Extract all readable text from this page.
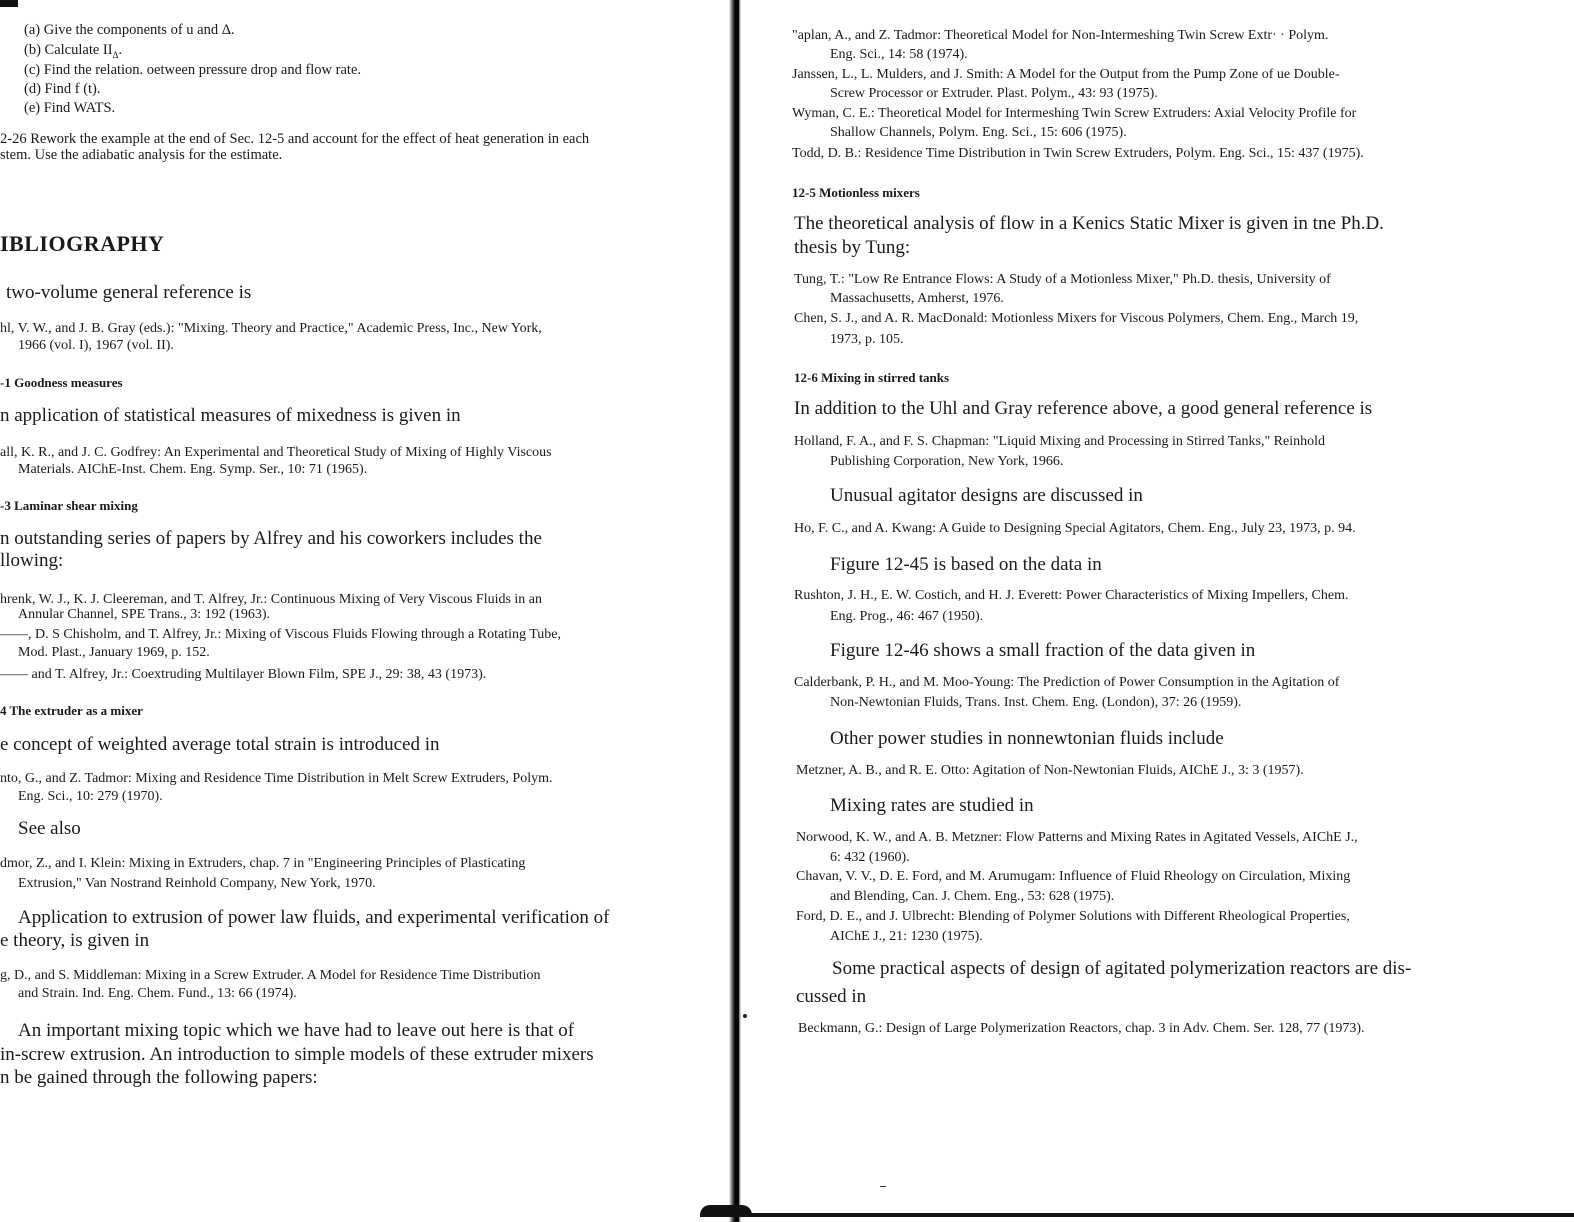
(a) Give the components of u and Δ.
(b) Calculate $II_\Delta$.
(c) Find the relation. oetween pressure drop and flow rate.
(d) Find f (t).
(e) Find WATS.
2-26 Rework the example at the end of Sec. 12-5 and account for the effect of heat generation in each
stem. Use the adiabatic analysis for the estimate.
IBLIOGRAPHY
two-volume general reference is
hl, V. W., and J. B. Gray (eds.): "Mixing. Theory and Practice," Academic Press, Inc., New York,
1966 (vol. I), 1967 (vol. II).
-1 Goodness measures
n application of statistical measures of mixedness is given in
all, K. R., and J. C. Godfrey: An Experimental and Theoretical Study of Mixing of Highly Viscous
Materials. AIChE-Inst. Chem. Eng. Symp. Ser., 10: 71 (1965).
-3 Laminar shear mixing
n outstanding series of papers by Alfrey and his coworkers includes the
llowing:
hrenk, W. J., K. J. Cleereman, and T. Alfrey, Jr.: Continuous Mixing of Very Viscous Fluids in an
Annular Channel, SPE Trans., 3: 192 (1963).
——, D. S Chisholm, and T. Alfrey, Jr.: Mixing of Viscous Fluids Flowing through a Rotating Tube,
Mod. Plast., January 1969, p. 152.
—— and T. Alfrey, Jr.: Coextruding Multilayer Blown Film, SPE J., 29: 38, 43 (1973).
4 The extruder as a mixer
e concept of weighted average total strain is introduced in
nto, G., and Z. Tadmor: Mixing and Residence Time Distribution in Melt Screw Extruders, Polym.
Eng. Sci., 10: 279 (1970).
See also
dmor, Z., and I. Klein: Mixing in Extruders, chap. 7 in "Engineering Principles of Plasticating
Extrusion," Van Nostrand Reinhold Company, New York, 1970.
Application to extrusion of power law fluids, and experimental verification of
e theory, is given in
g, D., and S. Middleman: Mixing in a Screw Extruder. A Model for Residence Time Distribution
and Strain. Ind. Eng. Chem. Fund., 13: 66 (1974).
An important mixing topic which we have had to leave out here is that of
in-screw extrusion. An introduction to simple models of these extruder mixers
n be gained through the following papers:
"aplan, A., and Z. Tadmor: Theoretical Model for Non-Intermeshing Twin Screw Extr· · Polym.
Eng. Sci., 14: 58 (1974).
Janssen, L., L. Mulders, and J. Smith: A Model for the Output from the Pump Zone of ue Double-
Screw Processor or Extruder. Plast. Polym., 43: 93 (1975).
Wyman, C. E.: Theoretical Model for Intermeshing Twin Screw Extruders: Axial Velocity Profile for
Shallow Channels, Polym. Eng. Sci., 15: 606 (1975).
Todd, D. B.: Residence Time Distribution in Twin Screw Extruders, Polym. Eng. Sci., 15: 437 (1975).
12-5 Motionless mixers
The theoretical analysis of flow in a Kenics Static Mixer is given in tne Ph.D.
thesis by Tung:
Tung, T.: "Low Re Entrance Flows: A Study of a Motionless Mixer," Ph.D. thesis, University of
Massachusetts, Amherst, 1976.
Chen, S. J., and A. R. MacDonald: Motionless Mixers for Viscous Polymers, Chem. Eng., March 19,
1973, p. 105.
12-6 Mixing in stirred tanks
In addition to the Uhl and Gray reference above, a good general reference is
Holland, F. A., and F. S. Chapman: "Liquid Mixing and Processing in Stirred Tanks," Reinhold
Publishing Corporation, New York, 1966.
Unusual agitator designs are discussed in
Ho, F. C., and A. Kwang: A Guide to Designing Special Agitators, Chem. Eng., July 23, 1973, p. 94.
Figure 12-45 is based on the data in
Rushton, J. H., E. W. Costich, and H. J. Everett: Power Characteristics of Mixing Impellers, Chem.
Eng. Prog., 46: 467 (1950).
Figure 12-46 shows a small fraction of the data given in
Calderbank, P. H., and M. Moo-Young: The Prediction of Power Consumption in the Agitation of
Non-Newtonian Fluids, Trans. Inst. Chem. Eng. (London), 37: 26 (1959).
Other power studies in nonnewtonian fluids include
Metzner, A. B., and R. E. Otto: Agitation of Non-Newtonian Fluids, AIChE J., 3: 3 (1957).
Mixing rates are studied in
Norwood, K. W., and A. B. Metzner: Flow Patterns and Mixing Rates in Agitated Vessels, AIChE J.,
6: 432 (1960).
Chavan, V. V., D. E. Ford, and M. Arumugam: Influence of Fluid Rheology on Circulation, Mixing
and Blending, Can. J. Chem. Eng., 53: 628 (1975).
Ford, D. E., and J. Ulbrecht: Blending of Polymer Solutions with Different Rheological Properties,
AIChE J., 21: 1230 (1975).
Some practical aspects of design of agitated polymerization reactors are dis-
cussed in
Beckmann, G.: Design of Large Polymerization Reactors, chap. 3 in Adv. Chem. Ser. 128, 77 (1973).
